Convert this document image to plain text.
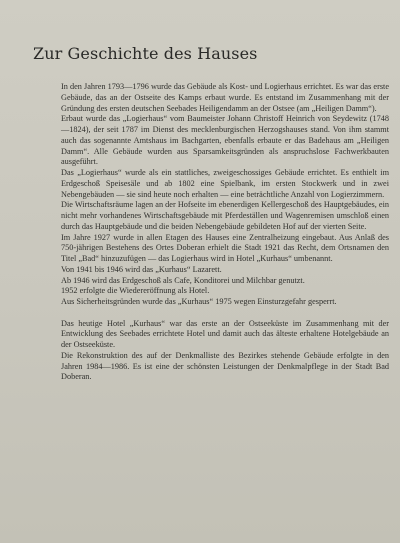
Zur Geschichte des Hauses

In den Jahren 1793—1796 wurde das Gebäude als Kost- und Logierhaus errichtet. Es war das erste Gebäude, das an der Ostseite des Kamps erbaut wurde. Es entstand im Zusammenhang mit der Gründung des ersten deutschen Seebades Heiligendamm an der Ostsee (am „Heiligen Damm“).

Erbaut wurde das „Logierhaus“ vom Baumeister Johann Christoff Heinrich von Seydewitz (1748—1824), der seit 1787 im Dienst des mecklenburgischen Herzogshauses stand. Von ihm stammt auch das sogenannte Amtshaus im Bachgarten, ebenfalls erbaute er das Badehaus am „Heiligen Damm“. Alle Gebäude wurden aus Sparsamkeitsgründen als anspruchslose Fachwerkbauten ausgeführt.

Das „Logierhaus“ wurde als ein stattliches, zweigeschossiges Gebäude errichtet. Es enthielt im Erdgeschoß Speisesäle und ab 1802 eine Spielbank, im ersten Stockwerk und in zwei Nebengebäuden — sie sind heute noch erhalten — eine beträchtliche Anzahl von Logierzimmern.

Die Wirtschaftsräume lagen an der Hofseite im ebenerdigen Kellergeschoß des Hauptgebäudes, ein nicht mehr vorhandenes Wirtschaftsgebäude mit Pferdeställen und Wagenremisen umschloß einen durch das Hauptgebäude und die beiden Nebengebäude gebildeten Hof auf der vierten Seite.

Im Jahre 1927 wurde in allen Etagen des Hauses eine Zentralheizung eingebaut. Aus Anlaß des 750-jährigen Bestehens des Ortes Doberan erhielt die Stadt 1921 das Recht, dem Ortsnamen den Titel „Bad“ hinzuzufügen — das Logierhaus wird in Hotel „Kurhaus“ umbenannt.

Von 1941 bis 1946 wird das „Kurhaus“ Lazarett.

Ab 1946 wird das Erdgeschoß als Cafe, Konditorei und Milchbar genutzt.

1952 erfolgte die Wiedereröffnung als Hotel.

Aus Sicherheitsgründen wurde das „Kurhaus“ 1975 wegen Einsturzgefahr gesperrt.

Das heutige Hotel „Kurhaus“ war das erste an der Ostseeküste im Zusammenhang mit der Entwicklung des Seebades errichtete Hotel und damit auch das älteste erhaltene Hotelgebäude an der Ostseeküste.

Die Rekonstruktion des auf der Denkmalliste des Bezirkes stehende Gebäude erfolgte in den Jahren 1984—1986. Es ist eine der schönsten Leistungen der Denkmalpflege in der Stadt Bad Doberan.
